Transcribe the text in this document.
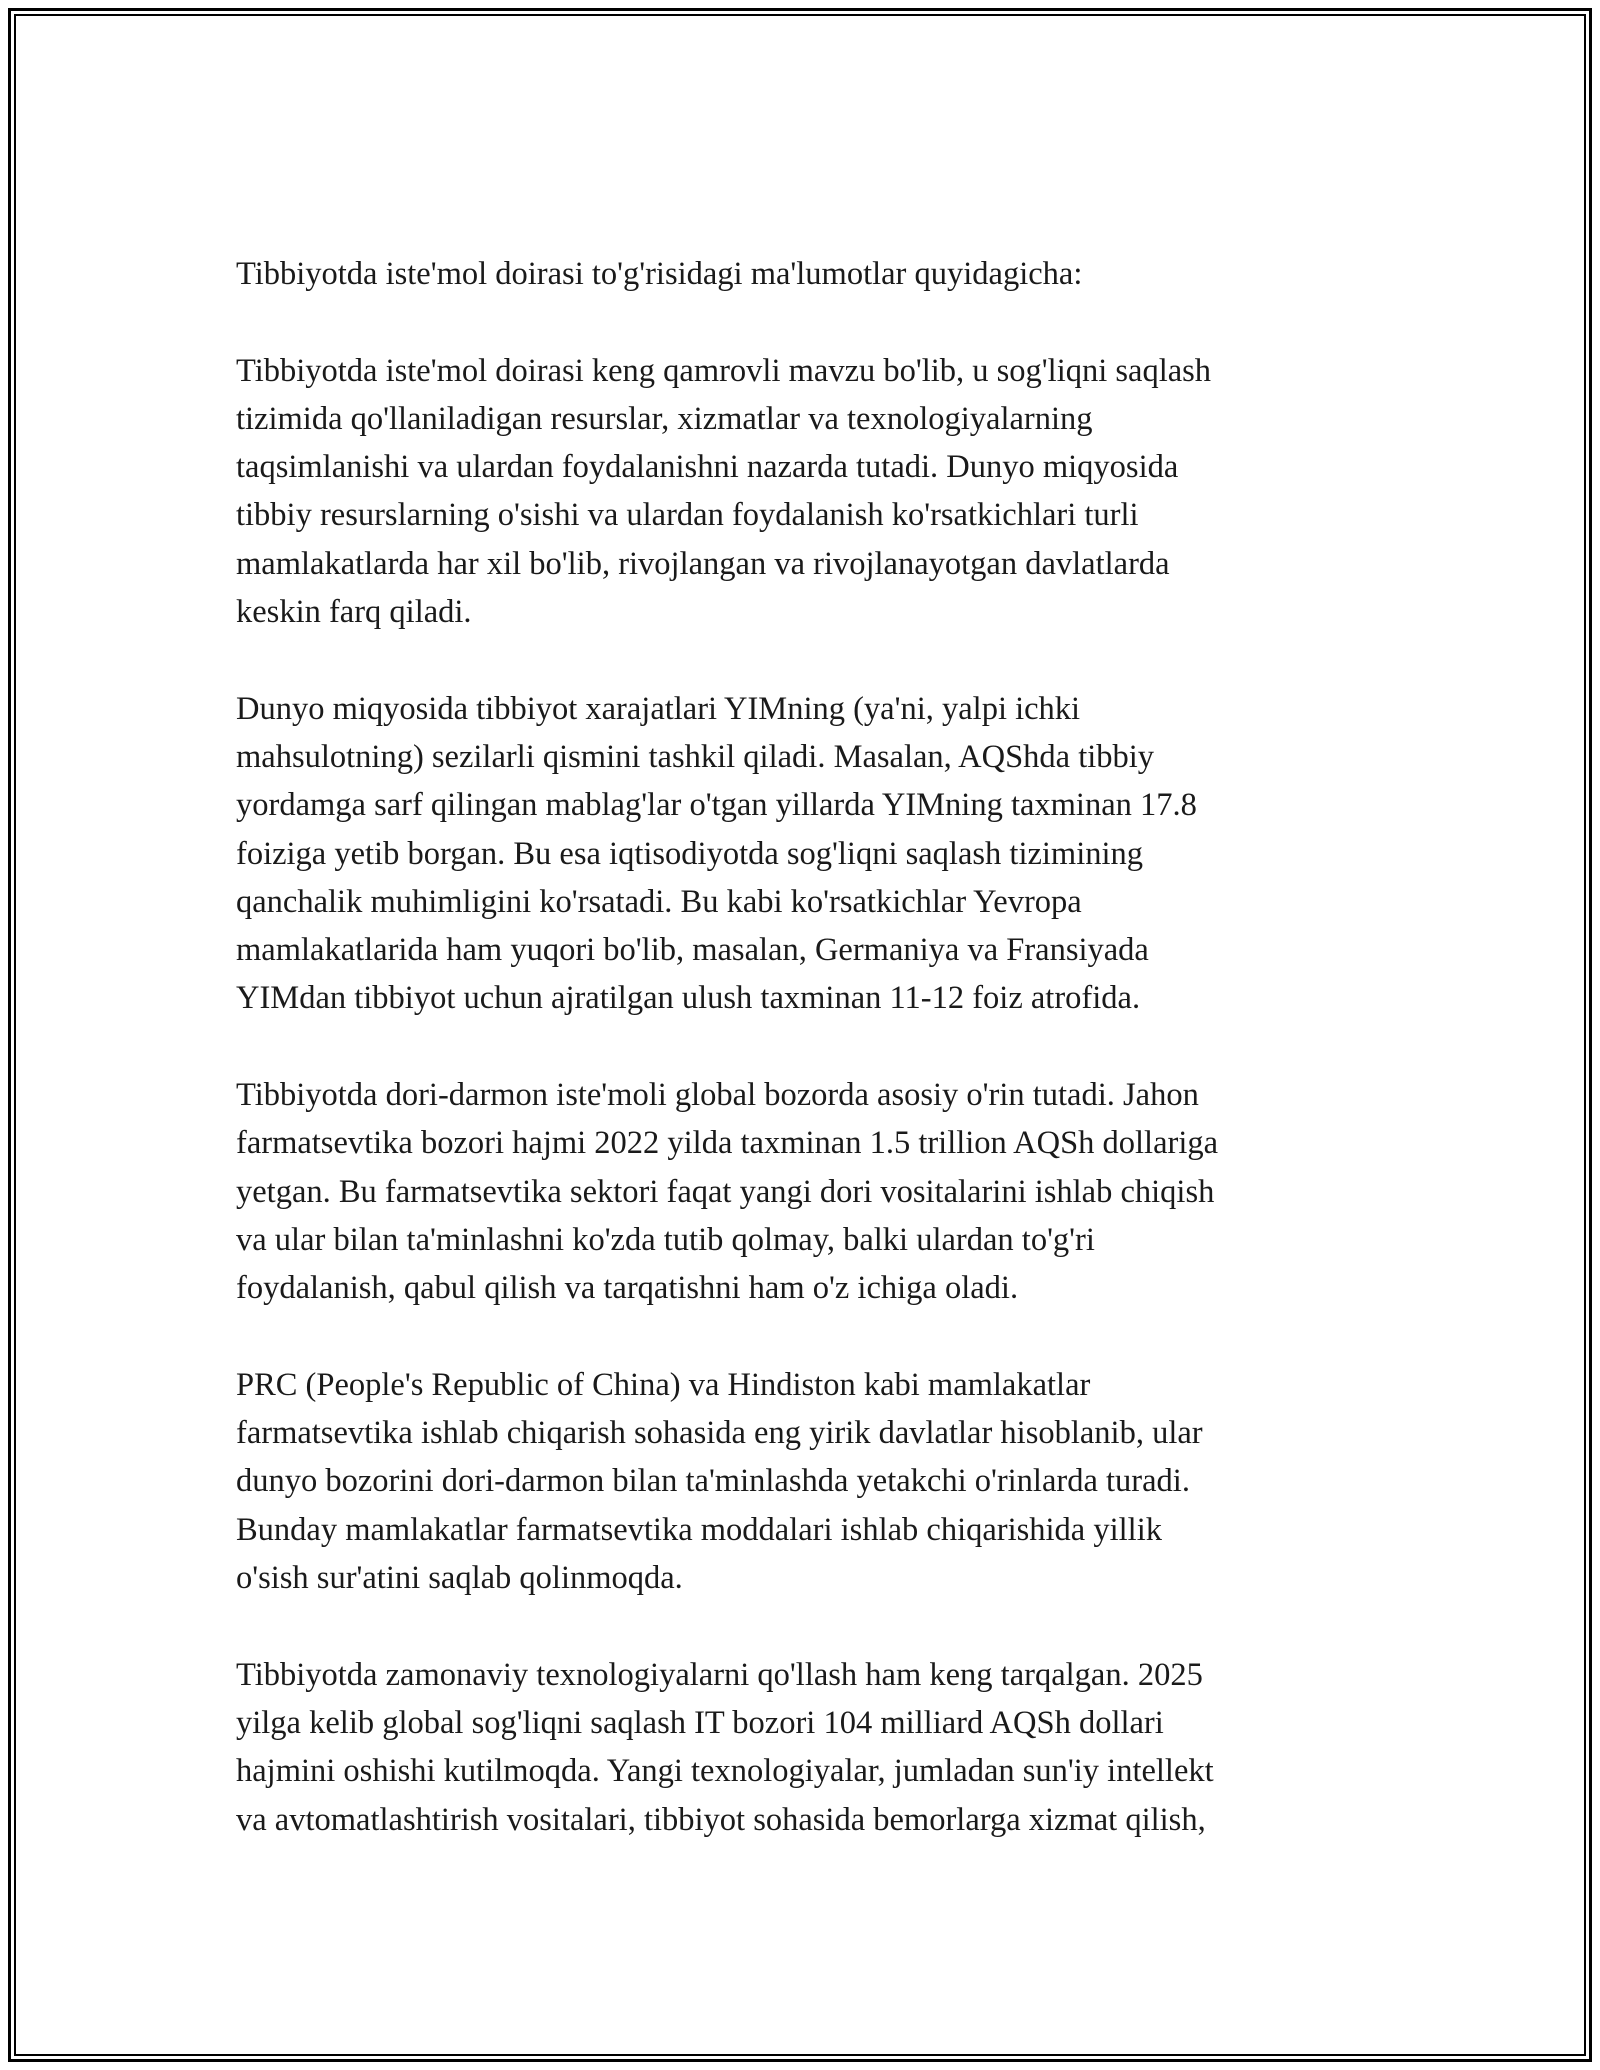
Tibbiyotda iste'mol doirasi to'g'risidagi ma'lumotlar quyidagicha:

Tibbiyotda iste'mol doirasi keng qamrovli mavzu bo'lib, u sog'liqni saqlash
tizimida qo'llaniladigan resurslar, xizmatlar va texnologiyalarning
taqsimlanishi va ulardan foydalanishni nazarda tutadi. Dunyo miqyosida
tibbiy resurslarning o'sishi va ulardan foydalanish ko'rsatkichlari turli
mamlakatlarda har xil bo'lib, rivojlangan va rivojlanayotgan davlatlarda
keskin farq qiladi.

Dunyo miqyosida tibbiyot xarajatlari YIMning (ya'ni, yalpi ichki
mahsulotning) sezilarli qismini tashkil qiladi. Masalan, AQShda tibbiy
yordamga sarf qilingan mablag'lar o'tgan yillarda YIMning taxminan 17.8
foiziga yetib borgan. Bu esa iqtisodiyotda sog'liqni saqlash tizimining
qanchalik muhimligini ko'rsatadi. Bu kabi ko'rsatkichlar Yevropa
mamlakatlarida ham yuqori bo'lib, masalan, Germaniya va Fransiyada
YIMdan tibbiyot uchun ajratilgan ulush taxminan 11-12 foiz atrofida.

Tibbiyotda dori-darmon iste'moli global bozorda asosiy o'rin tutadi. Jahon
farmatsevtika bozori hajmi 2022 yilda taxminan 1.5 trillion AQSh dollariga
yetgan. Bu farmatsevtika sektori faqat yangi dori vositalarini ishlab chiqish
va ular bilan ta'minlashni ko'zda tutib qolmay, balki ulardan to'g'ri
foydalanish, qabul qilish va tarqatishni ham o'z ichiga oladi.

PRC (People's Republic of China) va Hindiston kabi mamlakatlar
farmatsevtika ishlab chiqarish sohasida eng yirik davlatlar hisoblanib, ular
dunyo bozorini dori-darmon bilan ta'minlashda yetakchi o'rinlarda turadi.
Bunday mamlakatlar farmatsevtika moddalari ishlab chiqarishida yillik
o'sish sur'atini saqlab qolinmoqda.

Tibbiyotda zamonaviy texnologiyalarni qo'llash ham keng tarqalgan. 2025
yilga kelib global sog'liqni saqlash IT bozori 104 milliard AQSh dollari
hajmini oshishi kutilmoqda. Yangi texnologiyalar, jumladan sun'iy intellekt
va avtomatlashtirish vositalari, tibbiyot sohasida bemorlarga xizmat qilish,
